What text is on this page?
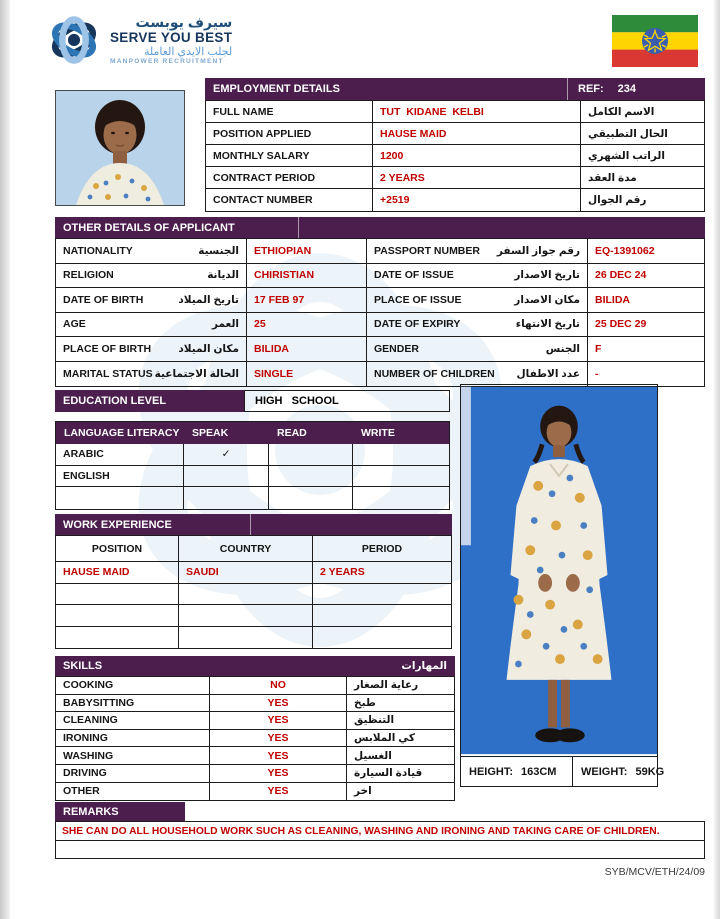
سيرف يوبست
SERVE YOU BEST
لجلب الايدي العاملة
MANPOWER RECRUITMENT
EMPLOYMENT DETAILS	REF: 234
FULL NAME	TUT  KIDANE  KELBI	الاسم الكامل
POSITION APPLIED	HAUSE MAID	الحال التطبيقي
MONTHLY SALARY	1200	الراتب الشهري
CONTRACT PERIOD	2 YEARS	مدة العقد
CONTACT NUMBER	+2519	رقم الجوال
OTHER DETAILS OF APPLICANT
NATIONALITY	الجنسية	ETHIOPIAN	PASSPORT NUMBER رقم جواز السفر	EQ-1391062
RELIGION	الديانة	CHIRISTIAN	DATE OF ISSUE	تاريخ الاصدار	26 DEC 24
DATE OF BIRTH	تاريخ الميلاد	17 FEB 97	PLACE OF ISSUE	مكان الاصدار	BILIDA
AGE	العمر	25	DATE OF EXPIRY	تاريخ الانتهاء	25 DEC 29
PLACE OF BIRTH	مكان الميلاد	BILIDA	GENDER	الجنس	F
MARITAL STATUS الحالة الاجتماعية	SINGLE	NUMBER OF CHILDREN عدد الاطفال	-
EDUCATION LEVEL	HIGH   SCHOOL
LANGUAGE LITERACY	SPEAK	READ	WRITE
ARABIC	✓
ENGLISH
WORK EXPERIENCE
POSITION	COUNTRY	PERIOD
HAUSE MAID	SAUDI	2 YEARS
HEIGHT: 163CM WEIGHT: 59KG
SKILLS	المهارات
COOKING	NO	رعاية الصغار
BABYSITTING	YES	طبخ
CLEANING	YES	التنظيق
IRONING	YES	كي الملابس
WASHING	YES	الغسيل
DRIVING	YES	قيادة السيارة
OTHER	YES	اخر
REMARKS
SHE CAN DO ALL HOUSEHOLD WORK SUCH AS CLEANING, WASHING AND IRONING AND TAKING CARE OF CHILDREN.
SYB/MCV/ETH/24/09
